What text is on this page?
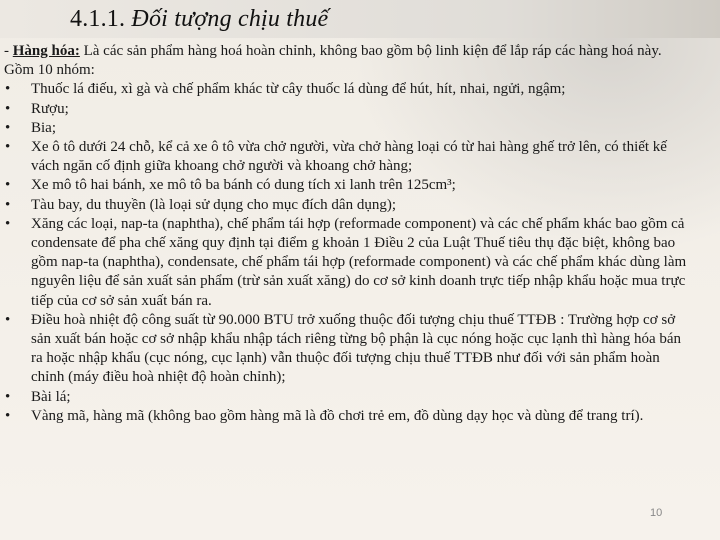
4.1.1. Đối tượng chịu thuế

- Hàng hóa: Là các sản phẩm hàng hoá hoàn chỉnh, không bao gồm bộ linh kiện để lắp ráp các hàng hoá này. Gồm 10 nhóm:

• Thuốc lá điếu, xì gà và chế phẩm khác từ cây thuốc lá dùng để hút, hít, nhai, ngửi, ngậm;
• Rượu;
• Bia;
• Xe ô tô dưới 24 chỗ, kể cả xe ô tô vừa chở người, vừa chở hàng loại có từ hai hàng ghế trở lên, có thiết kế vách ngăn cố định giữa khoang chở người và khoang chở hàng;
• Xe mô tô hai bánh, xe mô tô ba bánh có dung tích xi lanh trên 125cm³;
• Tàu bay, du thuyền (là loại sử dụng cho mục đích dân dụng);
• Xăng các loại, nap-ta (naphtha), chế phẩm tái hợp (reformade component) và các chế phẩm khác bao gồm cả condensate để pha chế xăng quy định tại điểm g khoản 1 Điều 2 của Luật Thuế tiêu thụ đặc biệt, không bao gồm nap-ta (naphtha), condensate, chế phẩm tái hợp (reformade component) và các chế phẩm khác dùng làm nguyên liệu để sản xuất sản phẩm (trừ sản xuất xăng) do cơ sở kinh doanh trực tiếp nhập khẩu hoặc mua trực tiếp của cơ sở sản xuất bán ra.
• Điều hoà nhiệt độ công suất từ 90.000 BTU trở xuống thuộc đối tượng chịu thuế TTĐB : Trường hợp cơ sở sản xuất bán hoặc cơ sở nhập khẩu nhập tách riêng từng bộ phận là cục nóng hoặc cục lạnh thì hàng hóa bán ra hoặc nhập khẩu (cục nóng, cục lạnh) vẫn thuộc đối tượng chịu thuế TTĐB như đối với sản phẩm hoàn chỉnh (máy điều hoà nhiệt độ hoàn chỉnh);
• Bài lá;
• Vàng mã, hàng mã (không bao gồm hàng mã là đồ chơi trẻ em, đồ dùng dạy học và dùng để trang trí).
10
